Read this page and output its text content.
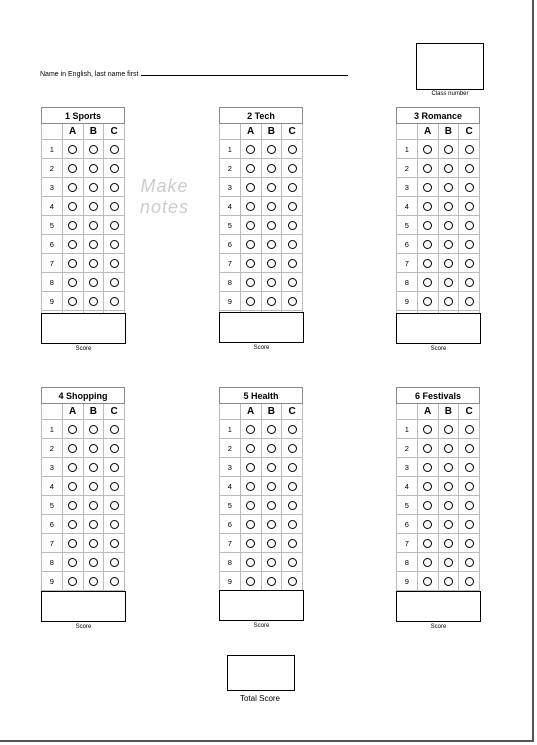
Name in English, last name first
Class number
Make
notes
1 Sports			
	A	B	C
1			
2			
3			
4			
5			
6			
7			
8			
9			

Score
2 Tech			
	A	B	C
1			
2			
3			
4			
5			
6			
7			
8			
9			

Score
3 Romance			
	A	B	C
1			
2			
3			
4			
5			
6			
7			
8			
9			

Score
4 Shopping			
	A	B	C
1			
2			
3			
4			
5			
6			
7			
8			
9			

Score
5 Health			
	A	B	C
1			
2			
3			
4			
5			
6			
7			
8			
9			

Score
6 Festivals			
	A	B	C
1			
2			
3			
4			
5			
6			
7			
8			
9			

Score
Total Score
